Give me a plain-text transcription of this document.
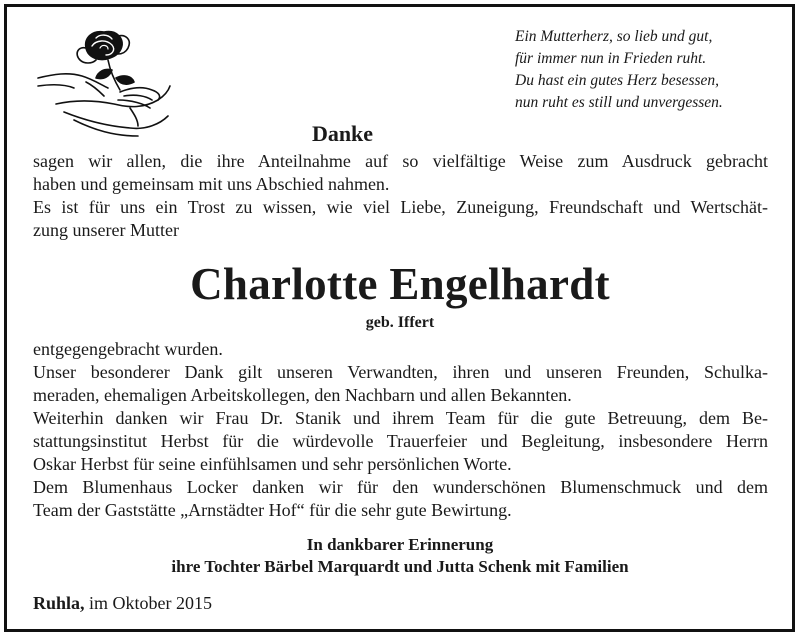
Ein Mutterherz, so lieb und gut,
für immer nun in Frieden ruht.
Du hast ein gutes Herz besessen,
nun ruht es still und unvergessen.
Danke
sagen wir allen, die ihre Anteilnahme auf so vielfältige Weise zum Ausdruck gebracht
haben und gemeinsam mit uns Abschied nahmen.
Es ist für uns ein Trost zu wissen, wie viel Liebe, Zuneigung, Freundschaft und Wertschät-
zung unserer Mutter
Charlotte Engelhardt
geb. Iffert
entgegengebracht wurden.
Unser besonderer Dank gilt unseren Verwandten, ihren und unseren Freunden, Schulka-
meraden, ehemaligen Arbeitskollegen, den Nachbarn und allen Bekannten.
Weiterhin danken wir Frau Dr. Stanik und ihrem Team für die gute Betreuung, dem Be-
stattungsinstitut Herbst für die würdevolle Trauerfeier und Begleitung, insbesondere Herrn
Oskar Herbst für seine einfühlsamen und sehr persönlichen Worte.
Dem Blumenhaus Locker danken wir für den wunderschönen Blumenschmuck und dem
Team der Gaststätte „Arnstädter Hof“ für die sehr gute Bewirtung.
In dankbarer Erinnerung
ihre Tochter Bärbel Marquardt und Jutta Schenk mit Familien
Ruhla, im Oktober 2015
